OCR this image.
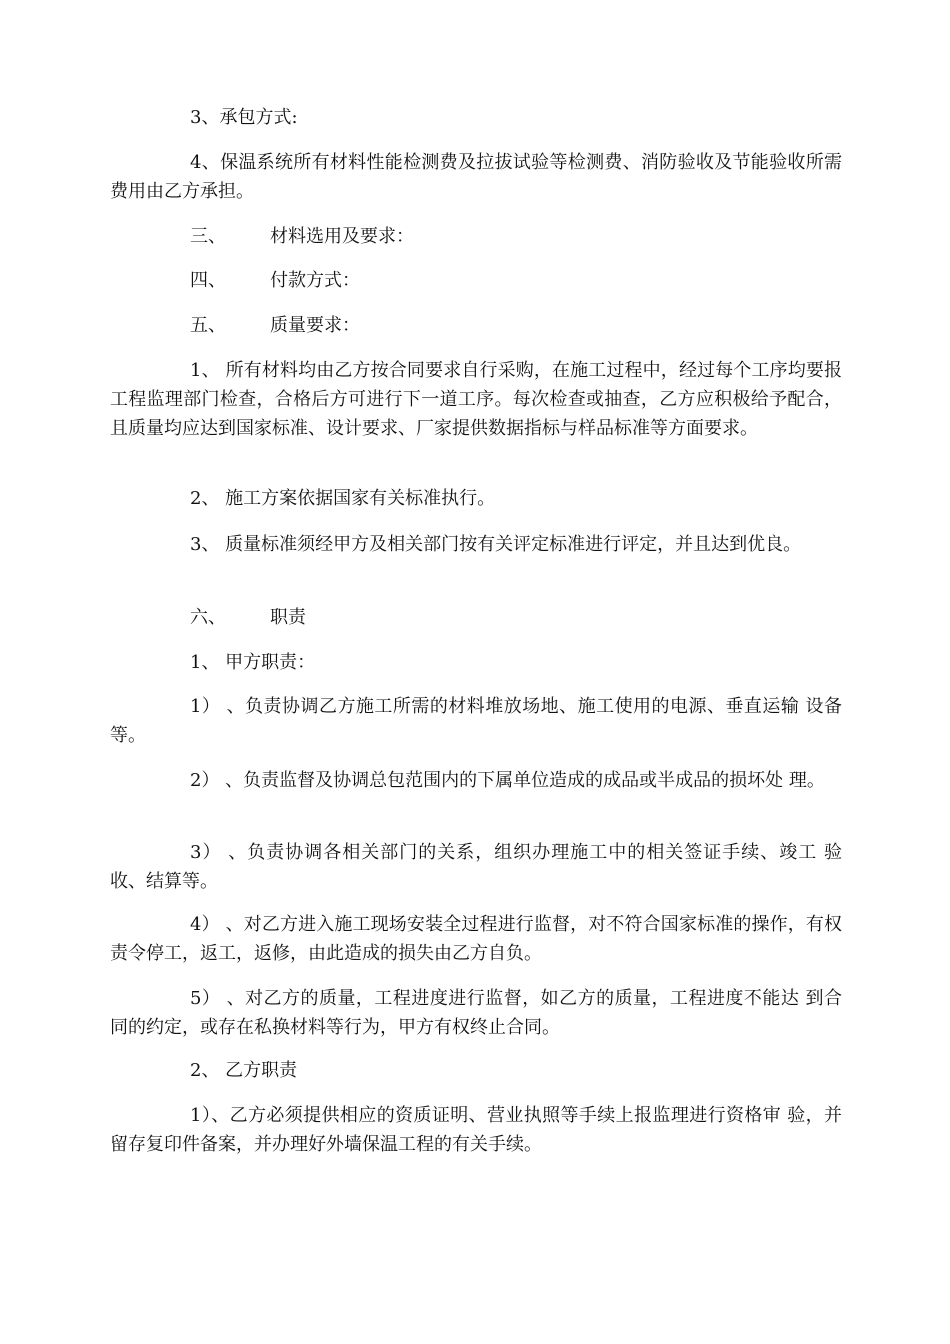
3、承包方式:

4、保温系统所有材料性能检测费及拉拔试验等检测费、消防验收及节能验收所需费用由乙方承担。

三、 材料选用及要求：

四、 付款方式：

五、 质量要求：

1、 所有材料均由乙方按合同要求自行采购，在施工过程中，经过每个工序均要报工程监理部门检查，合格后方可进行下一道工序。每次检查或抽查，乙方应积极给予配合，且质量均应达到国家标准、设计要求、厂家提供数据指标与样品标准等方面要求。

2、 施工方案依据国家有关标准执行。

3、 质量标准须经甲方及相关部门按有关评定标准进行评定，并且达到优良。

六、 职责

1、 甲方职责：

1） 、负责协调乙方施工所需的材料堆放场地、施工使用的电源、垂直运输 设备等。

2） 、负责监督及协调总包范围内的下属单位造成的成品或半成品的损坏处 理。

3） 、负责协调各相关部门的关系，组织办理施工中的相关签证手续、竣工 验收、结算等。

4） 、对乙方进入施工现场安装全过程进行监督，对不符合国家标准的操作，有权责令停工，返工，返修，由此造成的损失由乙方自负。

5） 、对乙方的质量，工程进度进行监督，如乙方的质量，工程进度不能达 到合同的约定，或存在私换材料等行为，甲方有权终止合同。

2、 乙方职责

1）、乙方必须提供相应的资质证明、营业执照等手续上报监理进行资格审 验，并留存复印件备案，并办理好外墙保温工程的有关手续。
